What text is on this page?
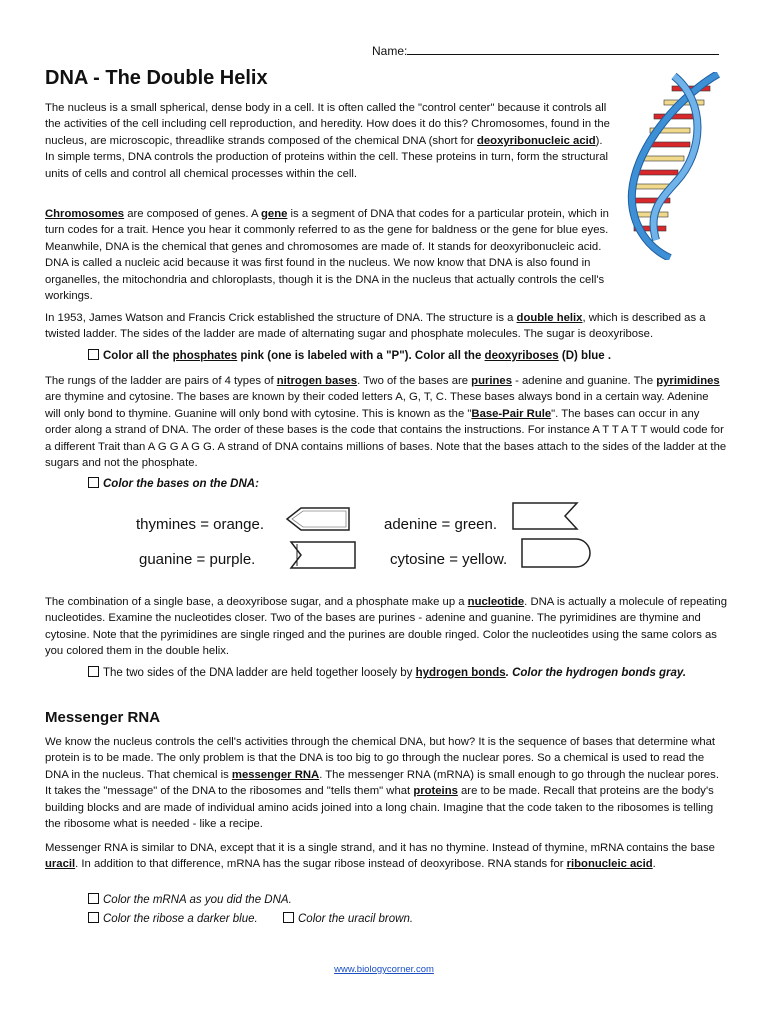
Name:
DNA - The Double Helix

The nucleus is a small spherical, dense body in a cell. It is often called the "control center" because it controls all the activities of the cell including cell reproduction, and heredity. How does it do this? Chromosomes, found in the nucleus, are microscopic, threadlike strands composed of the chemical DNA (short for deoxyribonucleic acid). In simple terms, DNA controls the production of proteins within the cell. These proteins in turn, form the structural units of cells and control all chemical processes within the cell.

Chromosomes are composed of genes. A gene is a segment of DNA that codes for a particular protein, which in turn codes for a trait. Hence you hear it commonly referred to as the gene for baldness or the gene for blue eyes. Meanwhile, DNA is the chemical that genes and chromosomes are made of. It stands for deoxyribonucleic acid. DNA is called a nucleic acid because it was first found in the nucleus. We now know that DNA is also found in organelles, the mitochondria and chloroplasts, though it is the DNA in the nucleus that actually controls the cell's workings.

In 1953, James Watson and Francis Crick established the structure of DNA. The structure is a double helix, which is described as a twisted ladder. The sides of the ladder are made of alternating sugar and phosphate molecules. The sugar is deoxyribose.

Color all the phosphates pink (one is labeled with a "P"). Color all the deoxyriboses (D) blue .

The rungs of the ladder are pairs of 4 types of nitrogen bases. Two of the bases are purines - adenine and guanine. The pyrimidines are thymine and cytosine. The bases are known by their coded letters A, G, T, C. These bases always bond in a certain way. Adenine will only bond to thymine. Guanine will only bond with cytosine. This is known as the "Base-Pair Rule". The bases can occur in any order along a strand of DNA. The order of these bases is the code that contains the instructions. For instance A T T A T T would code for a different Trait than A G G A G G. A strand of DNA contains millions of bases. Note that the bases attach to the sides of the ladder at the sugars and not the phosphate.

Color the bases on the DNA:
thymines = orange.	adenine = green.
guanine = purple.	cytosine = yellow.

The combination of a single base, a deoxyribose sugar, and a phosphate make up a nucleotide. DNA is actually a molecule of repeating nucleotides. Examine the nucleotides closer. Two of the bases are purines - adenine and guanine. The pyrimidines are thymine and cytosine. Note that the pyrimidines are single ringed and the purines are double ringed. Color the nucleotides using the same colors as you colored them in the double helix.

The two sides of the DNA ladder are held together loosely by hydrogen bonds. Color the hydrogen bonds gray.
Messenger RNA

We know the nucleus controls the cell's activities through the chemical DNA, but how? It is the sequence of bases that determine what protein is to be made. The only problem is that the DNA is too big to go through the nuclear pores. So a chemical is used to read the DNA in the nucleus. That chemical is messenger RNA. The messenger RNA (mRNA) is small enough to go through the nuclear pores. It takes the "message" of the DNA to the ribosomes and "tells them" what proteins are to be made. Recall that proteins are the body's building blocks and are made of individual amino acids joined into a long chain. Imagine that the code taken to the ribosomes is telling the ribosome what is needed - like a recipe.

Messenger RNA is similar to DNA, except that it is a single strand, and it has no thymine. Instead of thymine, mRNA contains the base uracil. In addition to that difference, mRNA has the sugar ribose instead of deoxyribose. RNA stands for ribonucleic acid.

Color the mRNA as you did the DNA.
Color the ribose a darker blue.	Color the uracil brown.
www.biologycorner.com
